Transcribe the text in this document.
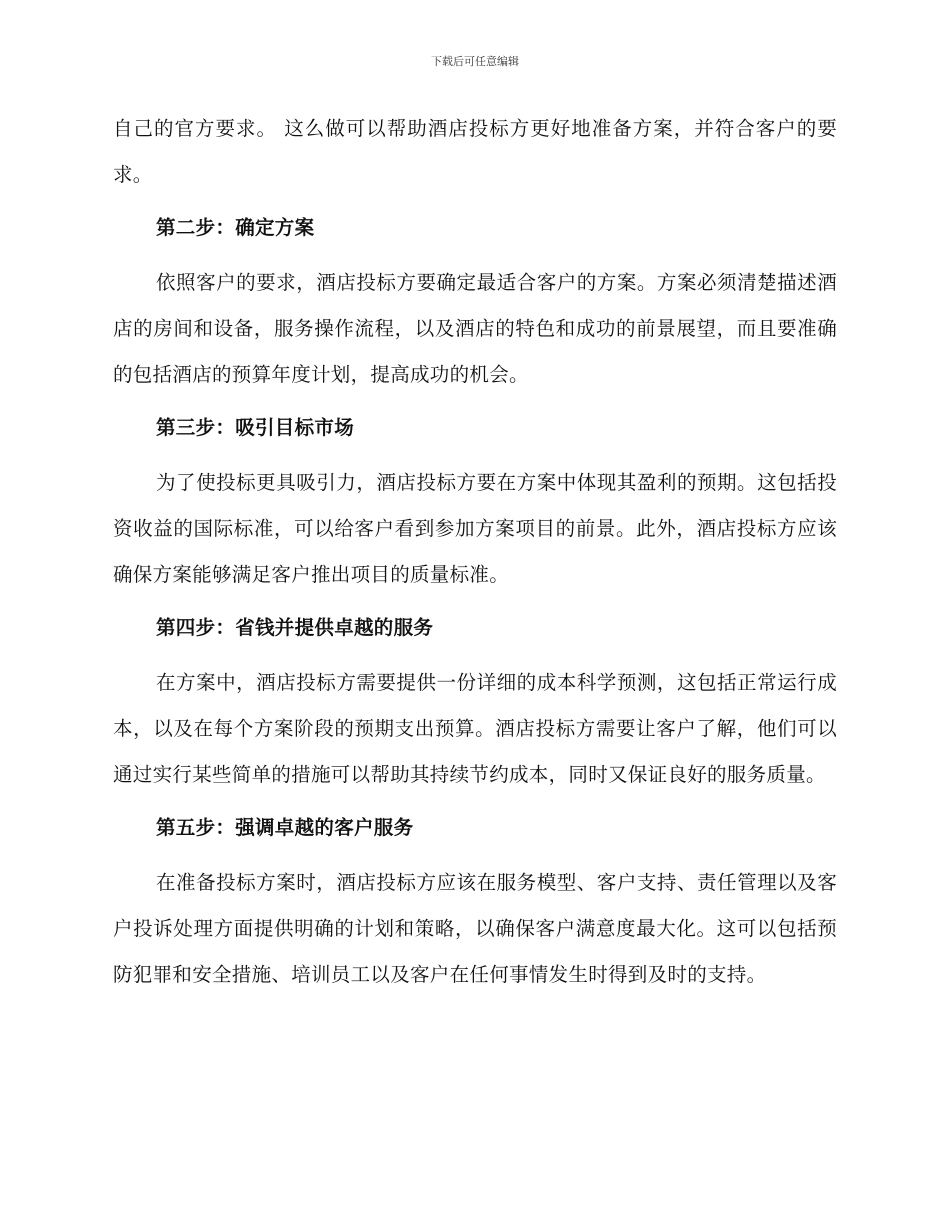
下载后可任意编辑

自己的官方要求。 这么做可以帮助酒店投标方更好地准备方案，并符合客户的要求。

第二步：确定方案

依照客户的要求，酒店投标方要确定最适合客户的方案。方案必须清楚描述酒店的房间和设备，服务操作流程，以及酒店的特色和成功的前景展望，而且要准确的包括酒店的预算年度计划，提高成功的机会。

第三步：吸引目标市场

为了使投标更具吸引力，酒店投标方要在方案中体现其盈利的预期。这包括投资收益的国际标准，可以给客户看到参加方案项目的前景。此外，酒店投标方应该确保方案能够满足客户推出项目的质量标准。

第四步：省钱并提供卓越的服务

在方案中，酒店投标方需要提供一份详细的成本科学预测，这包括正常运行成本，以及在每个方案阶段的预期支出预算。酒店投标方需要让客户了解，他们可以通过实行某些简单的措施可以帮助其持续节约成本，同时又保证良好的服务质量。

第五步：强调卓越的客户服务

在准备投标方案时，酒店投标方应该在服务模型、客户支持、责任管理以及客户投诉处理方面提供明确的计划和策略，以确保客户满意度最大化。这可以包括预防犯罪和安全措施、培训员工以及客户在任何事情发生时得到及时的支持。
